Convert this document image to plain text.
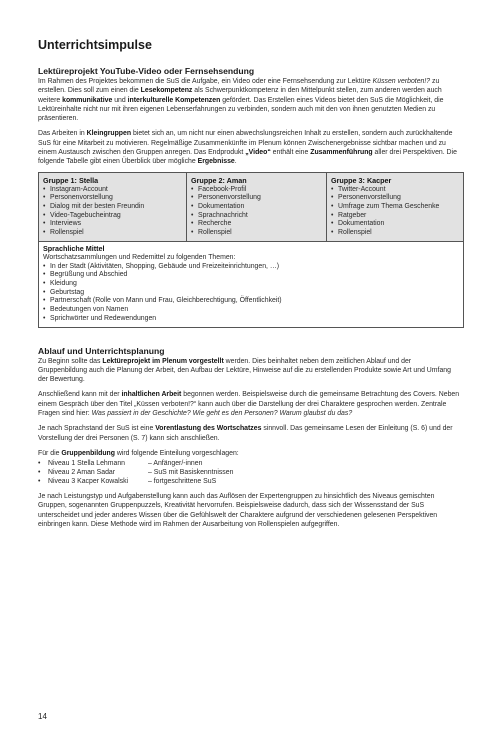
Unterrichtsimpulse
Lektüreprojekt YouTube-Video oder Fernsehsendung

Im Rahmen des Projektes bekommen die SuS die Aufgabe, ein Video oder eine Fernsehsendung zur Lektüre Küssen verboten!? zu erstellen. Dies soll zum einen die Lesekompetenz als Schwerpunktkompetenz in den Mittelpunkt stellen, zum anderen werden auch weitere kommunikative und interkulturelle Kompetenzen gefördert. Das Erstellen eines Videos bietet den SuS die Möglichkeit, die Lektüreinhalte nicht nur mit ihren eigenen Lebenserfahrungen zu verbinden, sondern auch mit den von ihnen genutzten Medien zu präsentieren.

Das Arbeiten in Kleingruppen bietet sich an, um nicht nur einen abwechslungsreichen Inhalt zu erstellen, sondern auch zurückhaltende SuS für eine Mitarbeit zu motivieren. Regelmäßige Zusammenkünfte im Plenum können Zwischenergebnisse sichtbar machen und zu einem Austausch zwischen den Gruppen anregen. Das Endprodukt „Video“ enthält eine Zusammenführung aller drei Perspektiven. Die folgende Tabelle gibt einen Überblick über mögliche Ergebnisse.

Gruppe 1: Stella
• Instagram-Account
• Personenvorstellung
• Dialog mit der besten Freundin
• Video-Tagebucheintrag
• Interviews
• Rollenspiel
Gruppe 2: Aman
• Facebook-Profil
• Personenvorstellung
• Dokumentation
• Sprachnachricht
• Recherche
• Rollenspiel
Gruppe 3: Kacper
• Twitter-Account
• Personenvorstellung
• Umfrage zum Thema Geschenke
• Ratgeber
• Dokumentation
• Rollenspiel
Sprachliche Mittel
Wortschatzsammlungen und Redemittel zu folgenden Themen:
• In der Stadt (Aktivitäten, Shopping, Gebäude und Freizeiteinrichtungen, …)
• Begrüßung und Abschied
• Kleidung
• Geburtstag
• Partnerschaft (Rolle von Mann und Frau, Gleichberechtigung, Öffentlichkeit)
• Bedeutungen von Namen
• Sprichwörter und Redewendungen
Ablauf und Unterrichtsplanung

Zu Beginn sollte das Lektüreprojekt im Plenum vorgestellt werden. Dies beinhaltet neben dem zeitlichen Ablauf und der Gruppenbildung auch die Planung der Arbeit, den Aufbau der Lektüre, Hinweise auf die zu erstellenden Produkte sowie Art und Umfang der Bewertung.

Anschließend kann mit der inhaltlichen Arbeit begonnen werden. Beispielsweise durch die gemeinsame Betrachtung des Covers. Neben einem Gespräch über den Titel „Küssen verboten!?“ kann auch über die Darstellung der drei Charaktere gesprochen werden. Zentrale Fragen sind hier: Was passiert in der Geschichte? Wie geht es den Personen? Warum glaubst du das?

Je nach Sprachstand der SuS ist eine Vorentlastung des Wortschatzes sinnvoll. Das gemeinsame Lesen der Einleitung (S. 6) und der Vorstellung der drei Personen (S. 7) kann sich anschließen.

Für die Gruppenbildung wird folgende Einteilung vorgeschlagen:

• Niveau 1 Stella Lehmann	– Anfänger/-innen
• Niveau 2 Aman Sadar	– SuS mit Basiskenntnissen
• Niveau 3 Kacper Kowalski	– fortgeschrittene SuS

Je nach Leistungstyp und Aufgabenstellung kann auch das Auflösen der Expertengruppen zu hinsichtlich des Niveaus gemischten Gruppen, sogenannten Gruppenpuzzels, Kreativität hervorrufen. Beispielsweise dadurch, dass sich der Wissensstand der SuS unterscheidet und jeder anderes Wissen über die Gefühlswelt der Charaktere aufgrund der verschiedenen gelesenen Perspektiven einbringen kann. Diese Methode wird im Rahmen der Ausarbeitung von Rollenspielen aufgegriffen.

14
